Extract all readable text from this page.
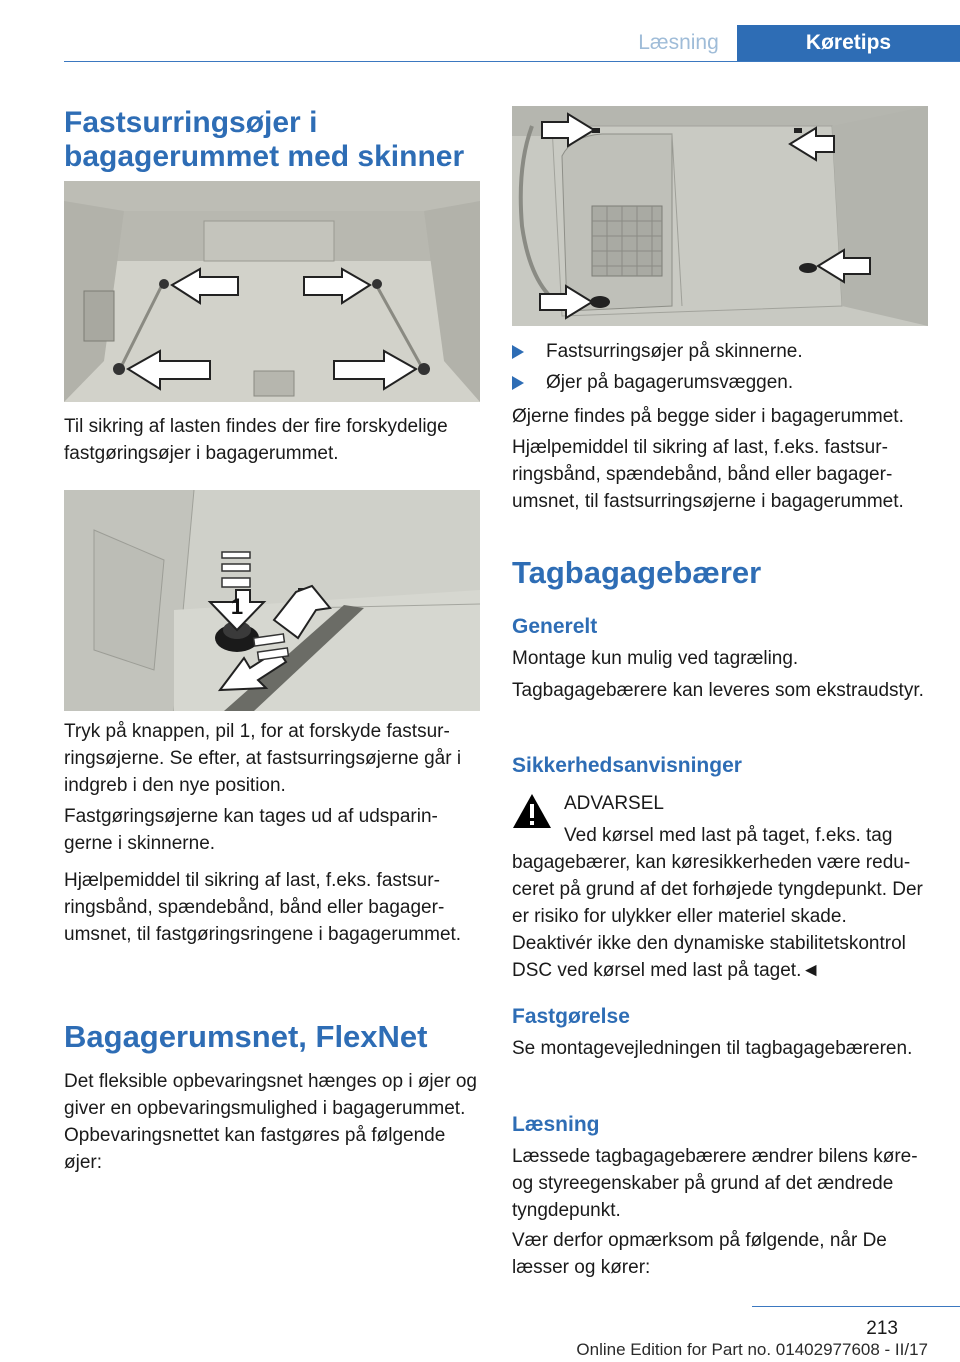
Læsning	Køretips
Fastsurringsøjer i
bagagerummet med skinner

Til sikring af lasten findes der fire forskydelige fastgøringsøjer i bagagerummet.

1

Tryk på knappen, pil 1, for at forskyde fastsurringsøjerne. Se efter, at fastsurringsøjerne går i indgreb i den nye position.

Fastgøringsøjerne kan tages ud af udsparingerne i skinnerne.

Hjælpemiddel til sikring af last, f.eks. fastsurringsbånd, spændebånd, bånd eller bagagerumsnet, til fastgøringsringene i bagagerummet.

Bagagerumsnet, FlexNet

Det fleksible opbevaringsnet hænges op i øjer og giver en opbevaringsmulighed i bagagerummet. Opbevaringsnettet kan fastgøres på følgende øjer:

Fastsurringsøjer på skinnerne.
Øjer på bagagerumsvæggen.

Øjerne findes på begge sider i bagagerummet.

Hjælpemiddel til sikring af last, f.eks. fastsurringsbånd, spændebånd, bånd eller bagagerumsnet, til fastsurringsøjerne i bagagerummet.

Tagbagagebærer
Generelt

Montage kun mulig ved tagræling.

Tagbagagebærere kan leveres som ekstraudstyr.

Sikkerhedsanvisninger

ADVARSEL

Ved kørsel med last på taget, f.eks. tag

bagagebærer, kan køresikkerheden være reduceret på grund af det forhøjede tyngdepunkt. Der er risiko for ulykker eller materiel skade. Deaktivér ikke den dynamiske stabilitetskontrol DSC ved kørsel med last på taget.◄

Fastgørelse

Se montagevejledningen til tagbagagebæreren.

Læsning

Læssede tagbagagebærere ændrer bilens køre- og styreegenskaber på grund af det ændrede tyngdepunkt.

Vær derfor opmærksom på følgende, når De læsser og kører:

213
Online Edition for Part no. 01402977608 - II/17
